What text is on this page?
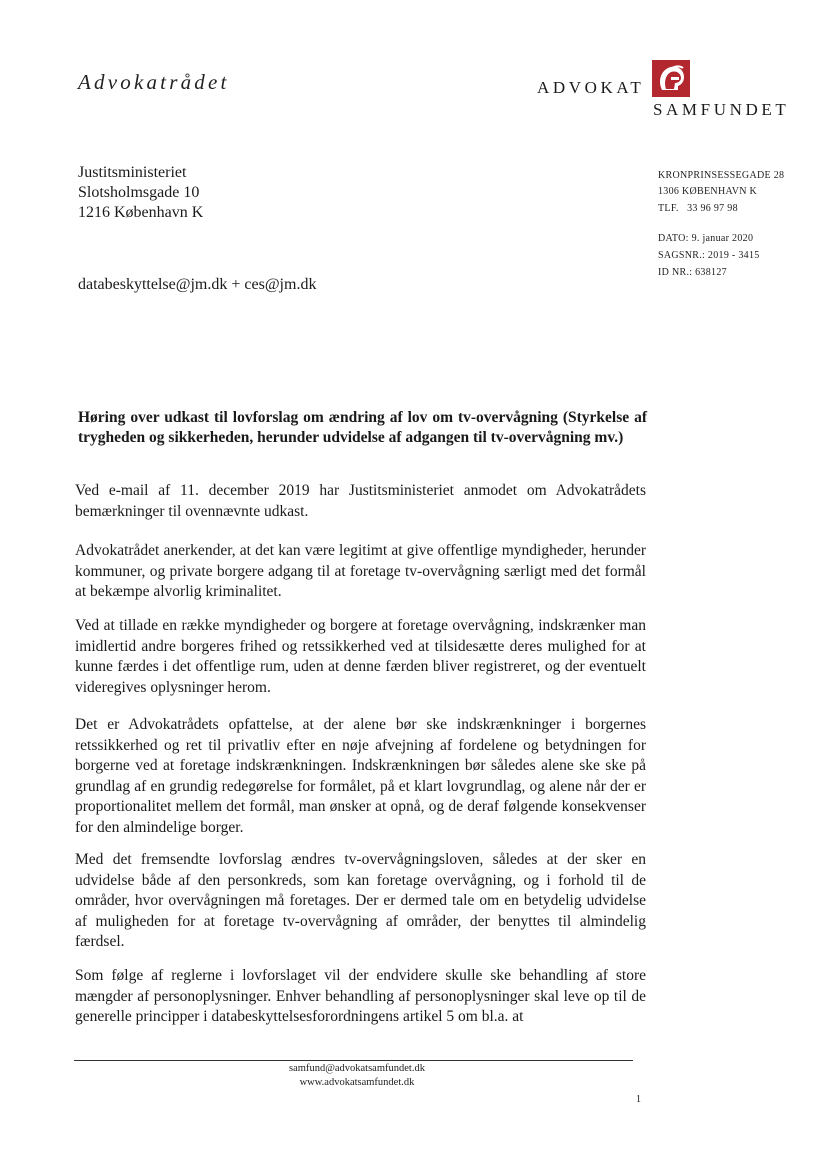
Advokatrådet	ADVOKAT
SAMFUNDET
Justitsministeriet
Slotsholmsgade 10
1216 København K
databeskyttelse@jm.dk + ces@jm.dk
KRONPRINSESSEGADE 28
1306 KØBENHAVN K
TLF.   33 96 97 98
DATO: 9. januar 2020
SAGSNR.: 2019 - 3415
ID NR.: 638127

Høring over udkast til lovforslag om ændring af lov om tv-overvågning (Styrkelse af trygheden og sikkerheden, herunder udvidelse af adgangen til tv-overvågning mv.)

Ved e-mail af 11. december 2019 har Justitsministeriet anmodet om Advokatrådets bemærkninger til ovennævnte udkast.

Advokatrådet anerkender, at det kan være legitimt at give offentlige myndigheder, herunder kommuner, og private borgere adgang til at foretage tv-overvågning særligt med det formål at bekæmpe alvorlig kriminalitet.

Ved at tillade en række myndigheder og borgere at foretage overvågning, indskrænker man imidlertid andre borgeres frihed og retssikkerhed ved at tilsidesætte deres mulighed for at kunne færdes i det offentlige rum, uden at denne færden bliver registreret, og der eventuelt videregives oplysninger herom.

Det er Advokatrådets opfattelse, at der alene bør ske indskrænkninger i borgernes retssikkerhed og ret til privatliv efter en nøje afvejning af fordelene og betydningen for borgerne ved at foretage indskrænkningen. Indskrænkningen bør således alene ske ske på grundlag af en grundig redegørelse for formålet, på et klart lovgrundlag, og alene når der er proportionalitet mellem det formål, man ønsker at opnå, og de deraf følgende konsekvenser for den almindelige borger.

Med det fremsendte lovforslag ændres tv-overvågningsloven, således at der sker en udvidelse både af den personkreds, som kan foretage overvågning, og i forhold til de områder, hvor overvågningen må foretages. Der er dermed tale om en betydelig udvidelse af muligheden for at foretage tv-overvågning af områder, der benyttes til almindelig færdsel.

Som følge af reglerne i lovforslaget vil der endvidere skulle ske behandling af store mængder af personoplysninger. Enhver behandling af personoplysninger skal leve op til de generelle principper i databeskyttelsesforordningens artikel 5 om bl.a. at

samfund@advokatsamfundet.dk
www.advokatsamfundet.dk
1
